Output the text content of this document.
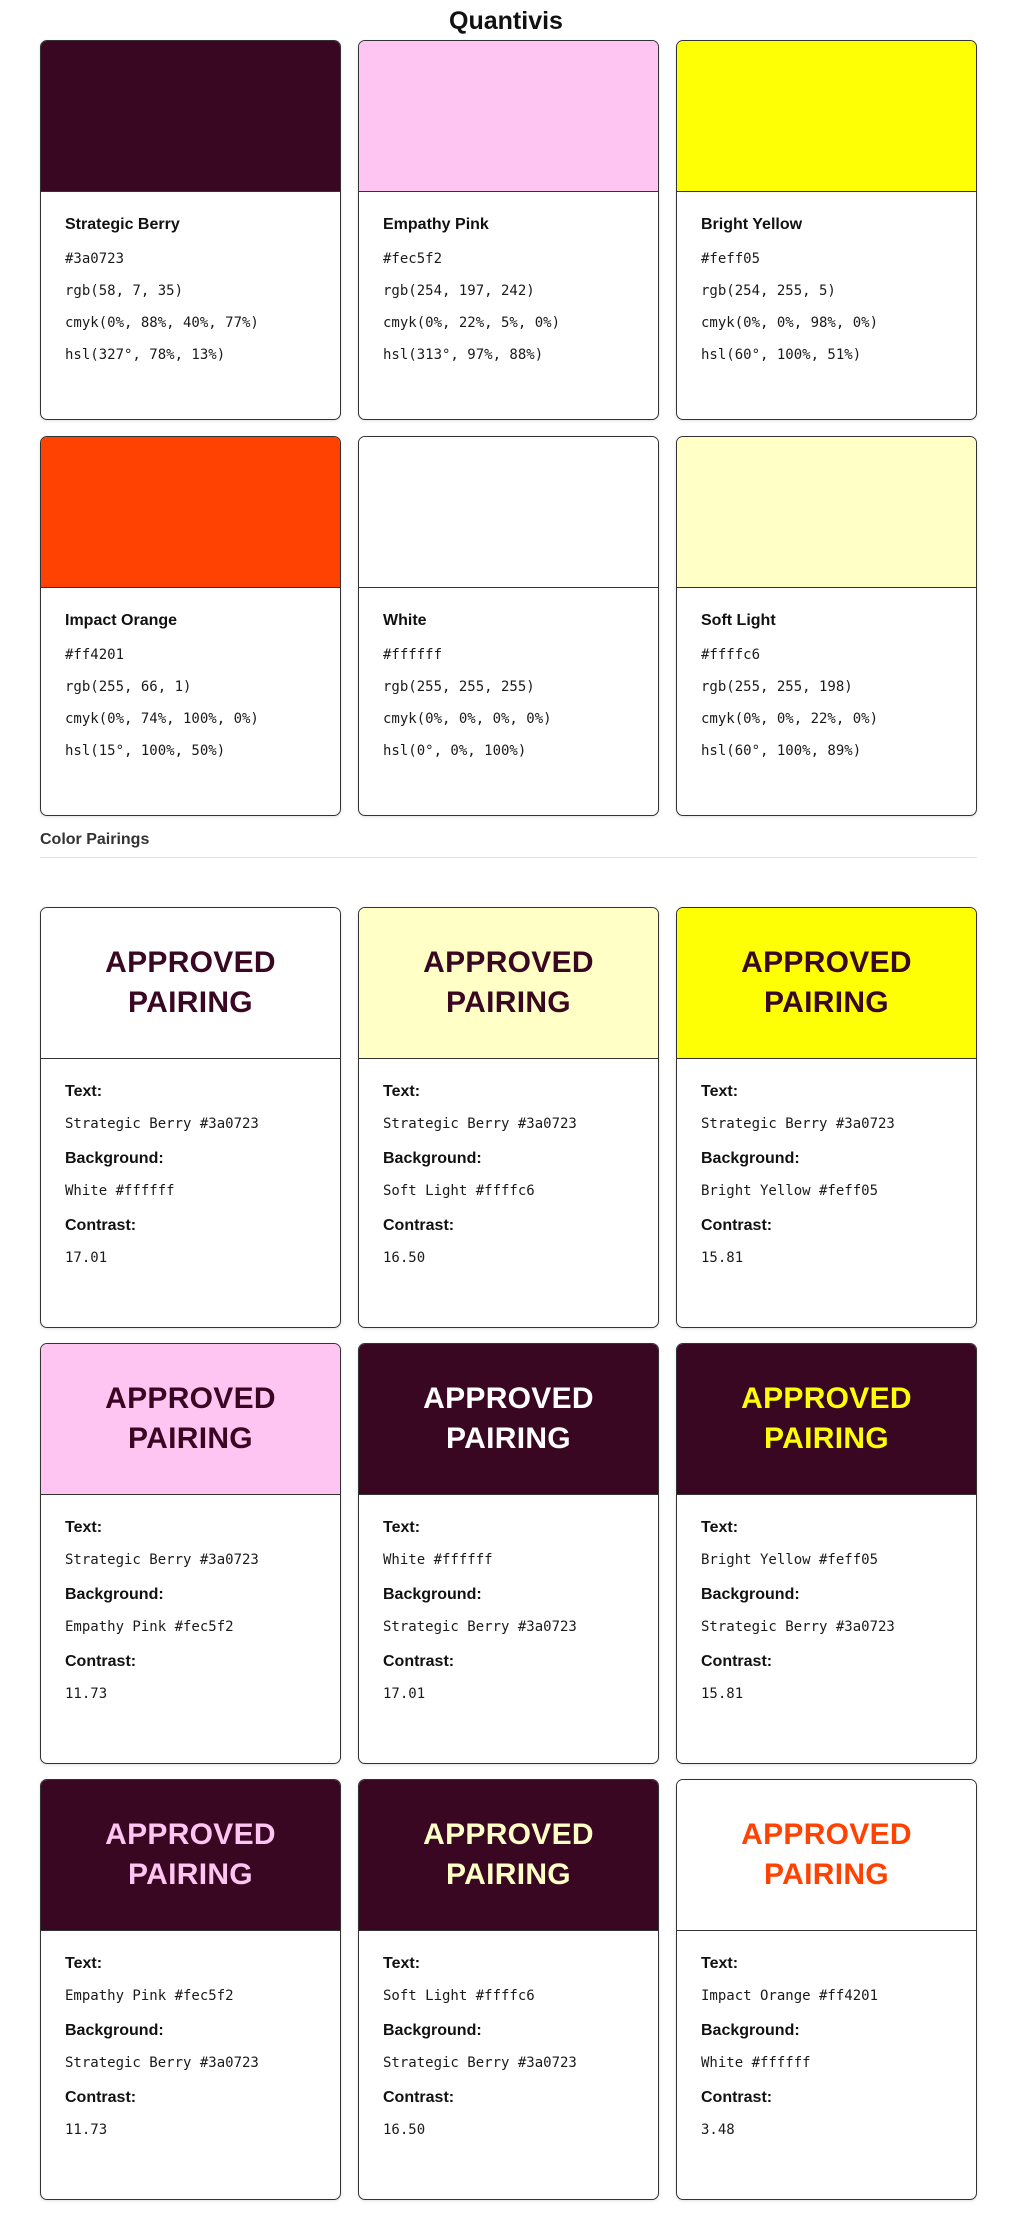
Quantivis
Strategic Berry
#3a0723
rgb(58, 7, 35)
cmyk(0%, 88%, 40%, 77%)
hsl(327°, 78%, 13%)
Empathy Pink
#fec5f2
rgb(254, 197, 242)
cmyk(0%, 22%, 5%, 0%)
hsl(313°, 97%, 88%)
Bright Yellow
#feff05
rgb(254, 255, 5)
cmyk(0%, 0%, 98%, 0%)
hsl(60°, 100%, 51%)
Impact Orange
#ff4201
rgb(255, 66, 1)
cmyk(0%, 74%, 100%, 0%)
hsl(15°, 100%, 50%)
White
#ffffff
rgb(255, 255, 255)
cmyk(0%, 0%, 0%, 0%)
hsl(0°, 0%, 100%)
Soft Light
#ffffc6
rgb(255, 255, 198)
cmyk(0%, 0%, 22%, 0%)
hsl(60°, 100%, 89%)
Color Pairings
APPROVED
PAIRING
Text:
Strategic Berry #3a0723
Background:
White #ffffff
Contrast:
17.01
APPROVED
PAIRING
Text:
Strategic Berry #3a0723
Background:
Soft Light #ffffc6
Contrast:
16.50
APPROVED
PAIRING
Text:
Strategic Berry #3a0723
Background:
Bright Yellow #feff05
Contrast:
15.81
APPROVED
PAIRING
Text:
Strategic Berry #3a0723
Background:
Empathy Pink #fec5f2
Contrast:
11.73
APPROVED
PAIRING
Text:
White #ffffff
Background:
Strategic Berry #3a0723
Contrast:
17.01
APPROVED
PAIRING
Text:
Bright Yellow #feff05
Background:
Strategic Berry #3a0723
Contrast:
15.81
APPROVED
PAIRING
Text:
Empathy Pink #fec5f2
Background:
Strategic Berry #3a0723
Contrast:
11.73
APPROVED
PAIRING
Text:
Soft Light #ffffc6
Background:
Strategic Berry #3a0723
Contrast:
16.50
APPROVED
PAIRING
Text:
Impact Orange #ff4201
Background:
White #ffffff
Contrast:
3.48
